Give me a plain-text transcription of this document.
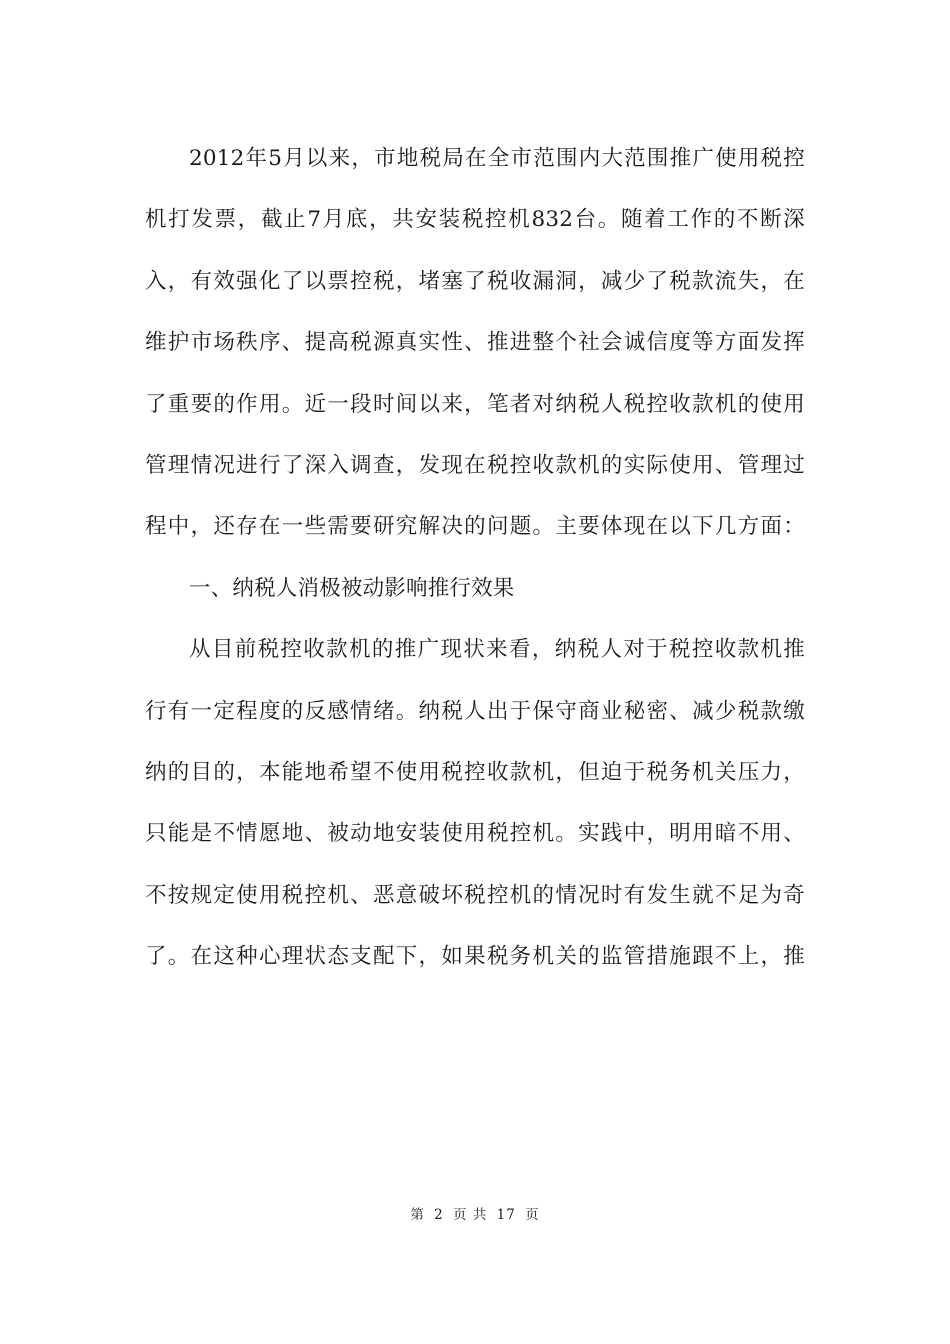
2012年5月以来，市地税局在全市范围内大范围推广使用税控
机打发票，截止7月底，共安装税控机832台。随着工作的不断深
入，有效强化了以票控税，堵塞了税收漏洞，减少了税款流失，在
维护市场秩序、提高税源真实性、推进整个社会诚信度等方面发挥
了重要的作用。近一段时间以来，笔者对纳税人税控收款机的使用
管理情况进行了深入调查，发现在税控收款机的实际使用、管理过
程中，还存在一些需要研究解决的问题。主要体现在以下几方面：
一、纳税人消极被动影响推行效果
从目前税控收款机的推广现状来看，纳税人对于税控收款机推
行有一定程度的反感情绪。纳税人出于保守商业秘密、减少税款缴
纳的目的，本能地希望不使用税控收款机，但迫于税务机关压力，
只能是不情愿地、被动地安装使用税控机。实践中，明用暗不用、
不按规定使用税控机、恶意破坏税控机的情况时有发生就不足为奇
了。在这种心理状态支配下，如果税务机关的监管措施跟不上，推
第 2 页 共 17 页
